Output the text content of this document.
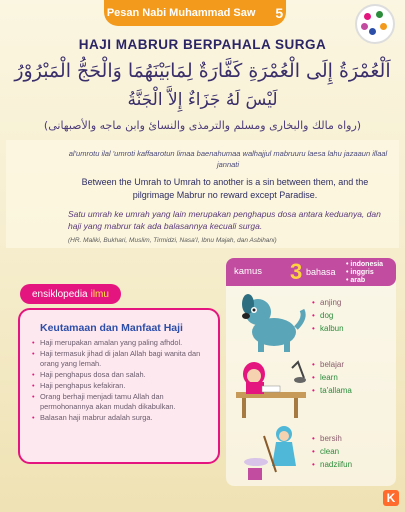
Pesan Nabi Muhammad Saw 5
HAJI MABRUR BERPAHALA SURGA
اَلْعُمْرَةُ إِلَى الْعُمْرَةِ كَفَّارَةٌ لِمَابَيْنَهُمَا وَالْحَجُّ الْمَبْرُوْرُ
لَيْسَ لَهُ جَزَاءٌ إِلاَّ الْجَنَّةُ
(رواه مالك والبخارى ومسلم والترمذى والنسائ وابن ماجه والأصبهانى)
al'umrotu ilal 'umroti kaffaarotun limaa baenahumaa walhajjul mabruuru laesa lahu jazaaun illaal jannati
Between the Umrah to Umrah to another is a sin between them, and the pilgrimage Mabrur no reward except Paradise.
Satu umrah ke umrah yang lain merupakan penghapus dosa antara keduanya, dan haji yang mabrur tak ada balasannya kecuali surga.
(HR. Maliki, Bukhari, Muslim, Tirmidzi, Nasa'I, Ibnu Majah, dan Asbihani)
ensiklopedia ilmu
Keutamaan dan Manfaat Haji
• Haji merupakan amalan yang paling afhdol.
• Haji termasuk jihad di jalan Allah bagi wanita dan orang yang lemah.
• Haji penghapus dosa dan salah.
• Haji penghapus kefakiran.
• Orang berhaji menjadi tamu Allah dan permohonannya akan mudah dikabulkan.
• Balasan haji mabrur adalah surga.
kamus 3 bahasa
• indonesia
• inggris
• arab
• anjing
• dog
• kalbun
• belajar
• learn
• ta'allama
• bersih
• clean
• nadziifun
K
